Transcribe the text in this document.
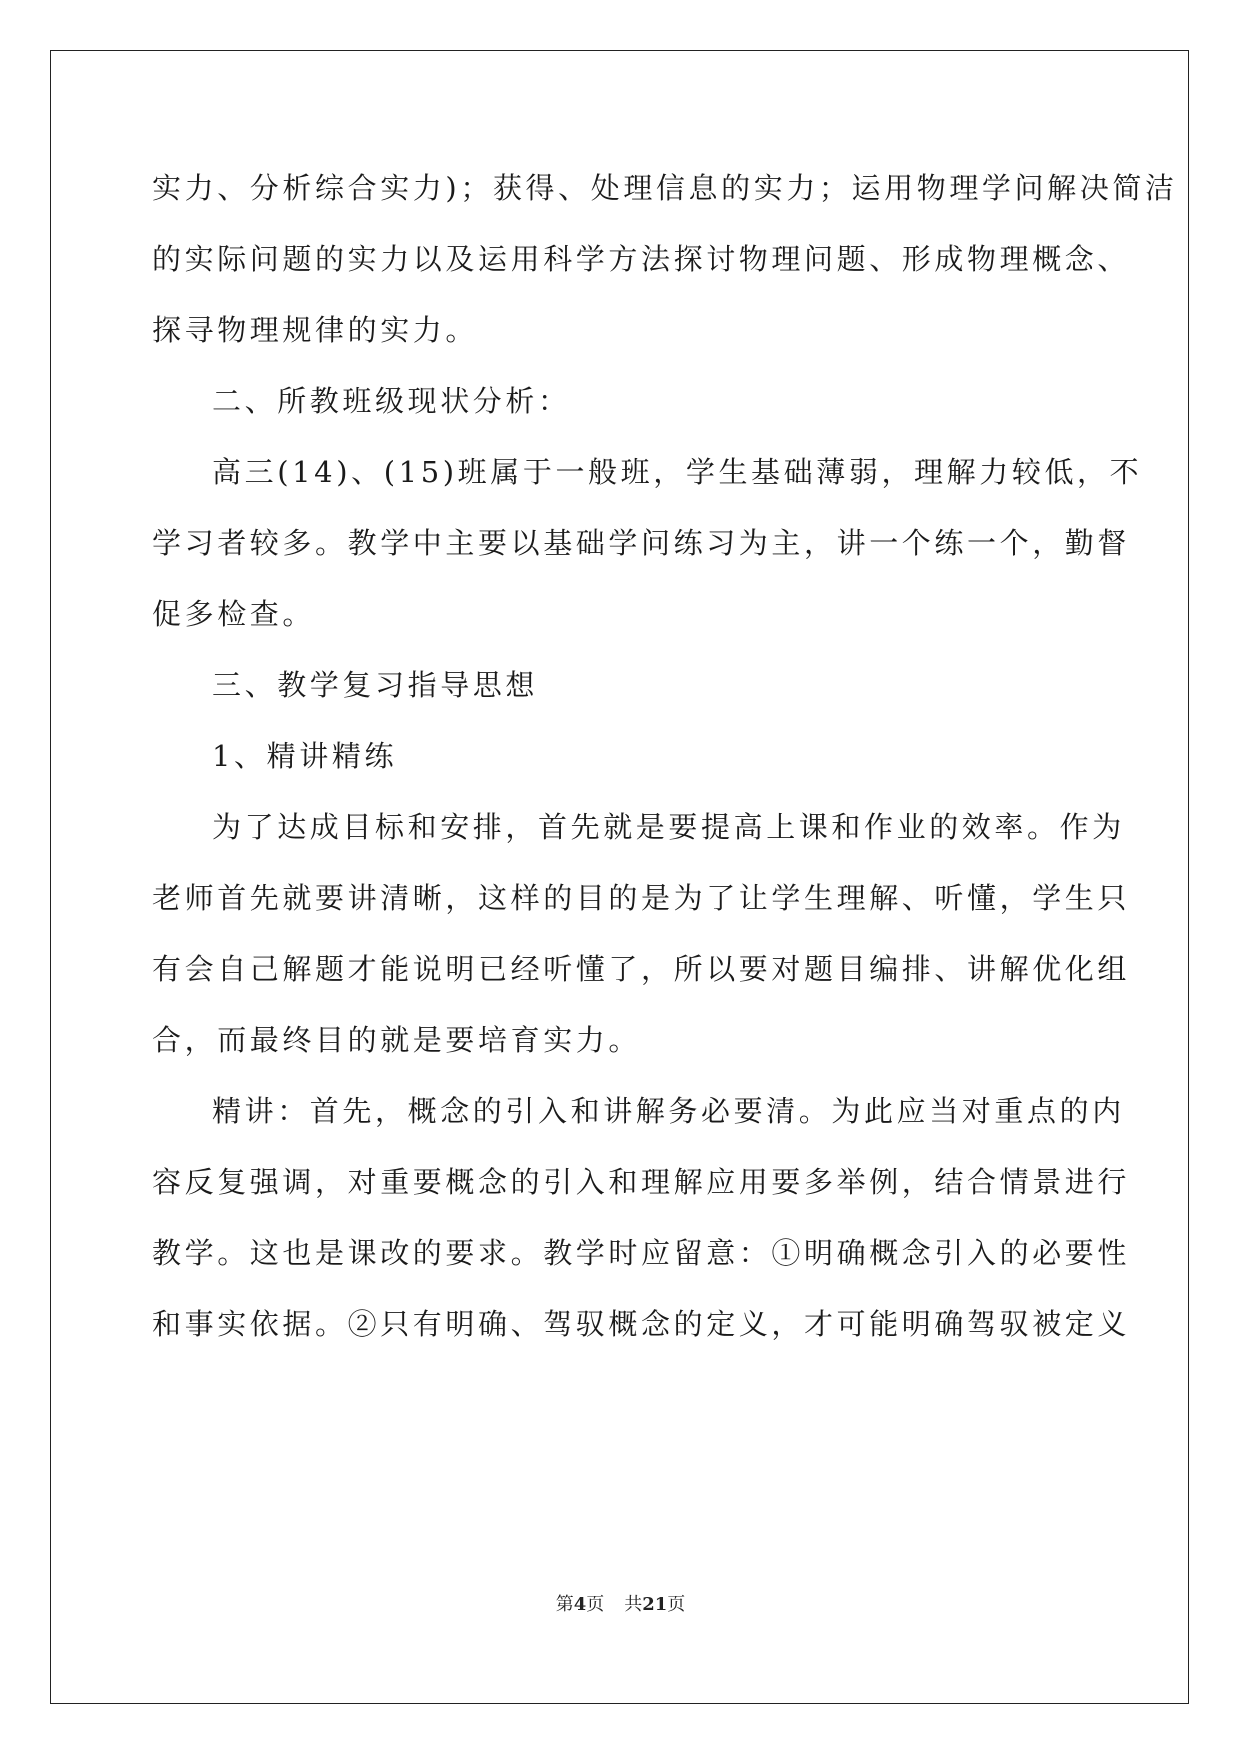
实力、分析综合实力)；获得、处理信息的实力；运用物理学问解决简洁
的实际问题的实力以及运用科学方法探讨物理问题、形成物理概念、
探寻物理规律的实力。
二、所教班级现状分析：
高三(14)、(15)班属于一般班，学生基础薄弱，理解力较低，不
学习者较多。教学中主要以基础学问练习为主，讲一个练一个，勤督
促多检查。
三、教学复习指导思想
1、精讲精练
为了达成目标和安排，首先就是要提高上课和作业的效率。作为
老师首先就要讲清晰，这样的目的是为了让学生理解、听懂，学生只
有会自己解题才能说明已经听懂了，所以要对题目编排、讲解优化组
合，而最终目的就是要培育实力。
精讲：首先，概念的引入和讲解务必要清。为此应当对重点的内
容反复强调，对重要概念的引入和理解应用要多举例，结合情景进行
教学。这也是课改的要求。教学时应留意：①明确概念引入的必要性
和事实依据。②只有明确、驾驭概念的定义，才可能明确驾驭被定义
第4页 共21页
